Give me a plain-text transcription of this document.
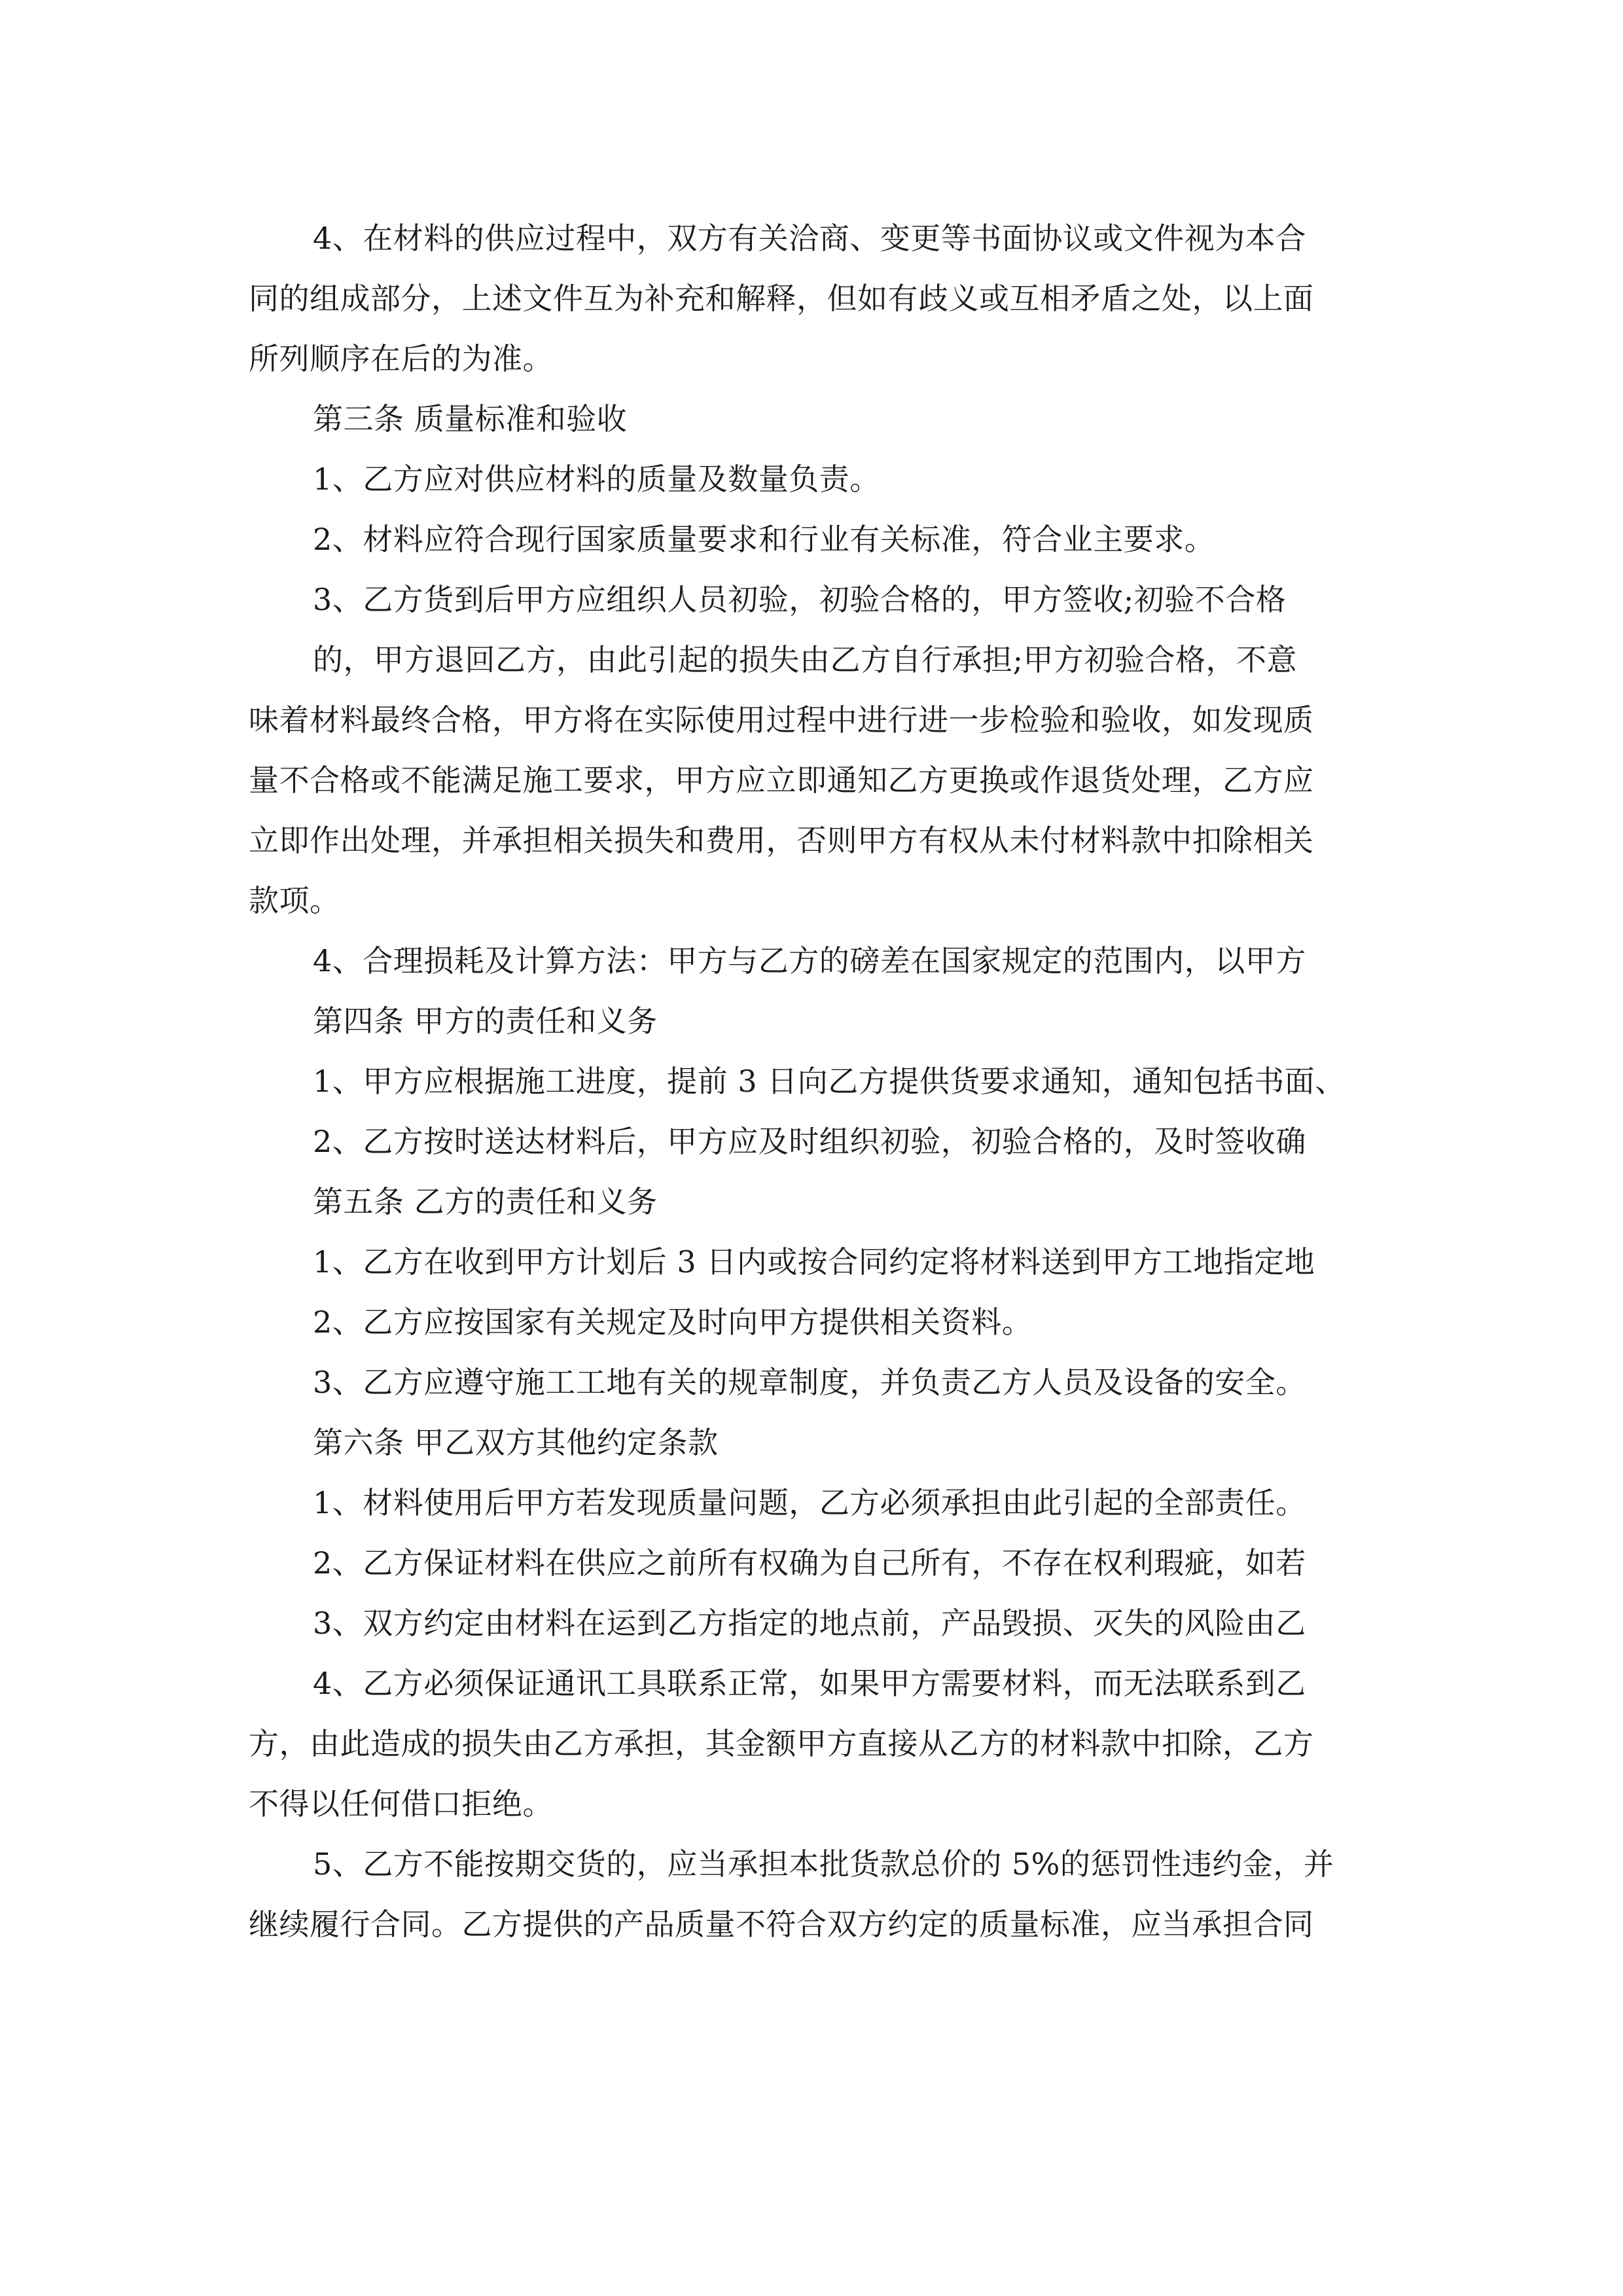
4、在材料的供应过程中，双方有关洽商、变更等书面协议或文件视为本合
同的组成部分，上述文件互为补充和解释，但如有歧义或互相矛盾之处，以上面
所列顺序在后的为准。
第三条 质量标准和验收
1、乙方应对供应材料的质量及数量负责。
2、材料应符合现行国家质量要求和行业有关标准，符合业主要求。
3、乙方货到后甲方应组织人员初验，初验合格的，甲方签收;初验不合格
的，甲方退回乙方，由此引起的损失由乙方自行承担;甲方初验合格，不意
味着材料最终合格，甲方将在实际使用过程中进行进一步检验和验收，如发现质
量不合格或不能满足施工要求，甲方应立即通知乙方更换或作退货处理，乙方应
立即作出处理，并承担相关损失和费用，否则甲方有权从未付材料款中扣除相关
款项。
4、合理损耗及计算方法：甲方与乙方的磅差在国家规定的范围内，以甲方
第四条 甲方的责任和义务
1、甲方应根据施工进度，提前 3 日向乙方提供货要求通知，通知包括书面、
2、乙方按时送达材料后，甲方应及时组织初验，初验合格的，及时签收确
第五条 乙方的责任和义务
1、乙方在收到甲方计划后 3 日内或按合同约定将材料送到甲方工地指定地
2、乙方应按国家有关规定及时向甲方提供相关资料。
3、乙方应遵守施工工地有关的规章制度，并负责乙方人员及设备的安全。
第六条 甲乙双方其他约定条款
1、材料使用后甲方若发现质量问题，乙方必须承担由此引起的全部责任。
2、乙方保证材料在供应之前所有权确为自己所有，不存在权利瑕疵，如若
3、双方约定由材料在运到乙方指定的地点前，产品毁损、灭失的风险由乙
4、乙方必须保证通讯工具联系正常，如果甲方需要材料，而无法联系到乙
方，由此造成的损失由乙方承担，其金额甲方直接从乙方的材料款中扣除，乙方
不得以任何借口拒绝。
5、乙方不能按期交货的，应当承担本批货款总价的 5%的惩罚性违约金，并
继续履行合同。乙方提供的产品质量不符合双方约定的质量标准，应当承担合同
